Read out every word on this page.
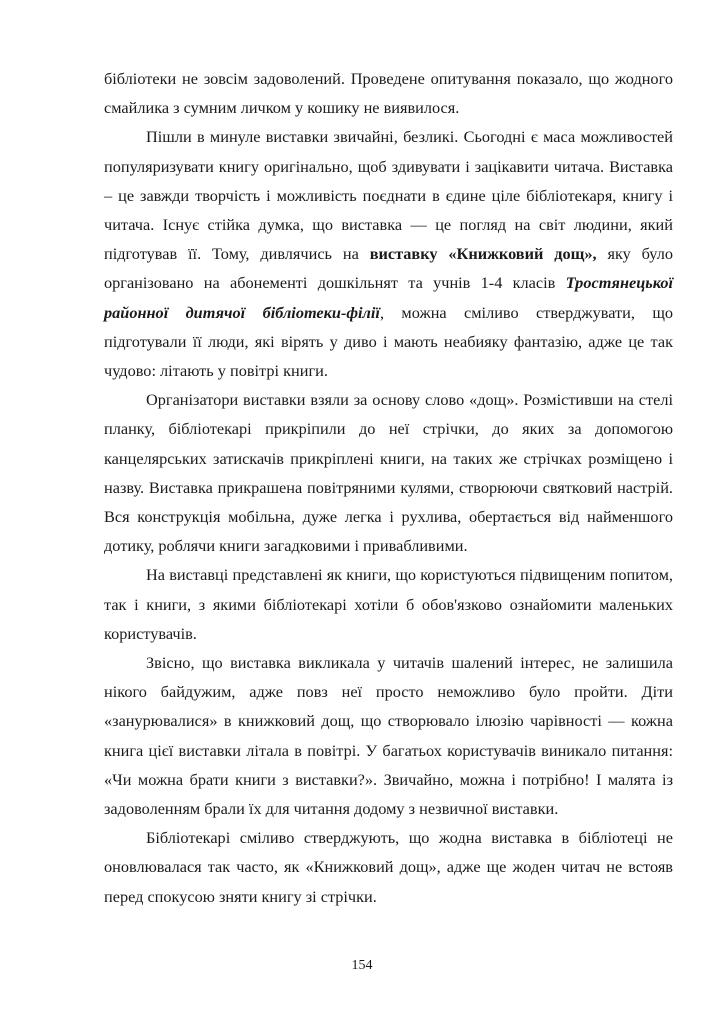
бібліотеки не зовсім задоволений. Проведене опитування показало, що жодного смайлика з сумним личком у кошику не виявилося.

Пішли в минуле виставки звичайні, безликі. Сьогодні є маса можливостей популяризувати книгу оригінально, щоб здивувати і зацікавити читача. Виставка – це завжди творчість і можливість поєднати в єдине ціле бібліотекаря, книгу і читача. Існує стійка думка, що виставка — це погляд на світ людини, який підготував її. Тому, дивлячись на виставку «Книжковий дощ», яку було організовано на абонементі дошкільнят та учнів 1-4 класів Тростянецької районної дитячої бібліотеки-філії, можна сміливо стверджувати, що підготували її люди, які вірять у диво і мають неабияку фантазію, адже це так чудово: літають у повітрі книги.

Організатори виставки взяли за основу слово «дощ». Розмістивши на стелі планку, бібліотекарі прикріпили до неї стрічки, до яких за допомогою канцелярських затискачів прикріплені книги, на таких же стрічках розміщено і назву. Виставка прикрашена повітряними кулями, створюючи святковий настрій. Вся конструкція мобільна, дуже легка і рухлива, обертається від найменшого дотику, роблячи книги загадковими і привабливими.

На виставці представлені як книги, що користуються підвищеним попитом, так і книги, з якими бібліотекарі хотіли б обов'язково ознайомити маленьких користувачів.

Звісно, що виставка викликала у читачів шалений інтерес, не залишила нікого байдужим, адже повз неї просто неможливо було пройти. Діти «занурювалися» в книжковий дощ, що створювало ілюзію чарівності — кожна книга цієї виставки літала в повітрі. У багатьох користувачів виникало питання: «Чи можна брати книги з виставки?». Звичайно, можна і потрібно! І малята із задоволенням брали їх для читання додому з незвичної виставки.

Бібліотекарі сміливо стверджують, що жодна виставка в бібліотеці не оновлювалася так часто, як «Книжковий дощ», адже ще жоден читач не встояв перед спокусою зняти книгу зі стрічки.

154
